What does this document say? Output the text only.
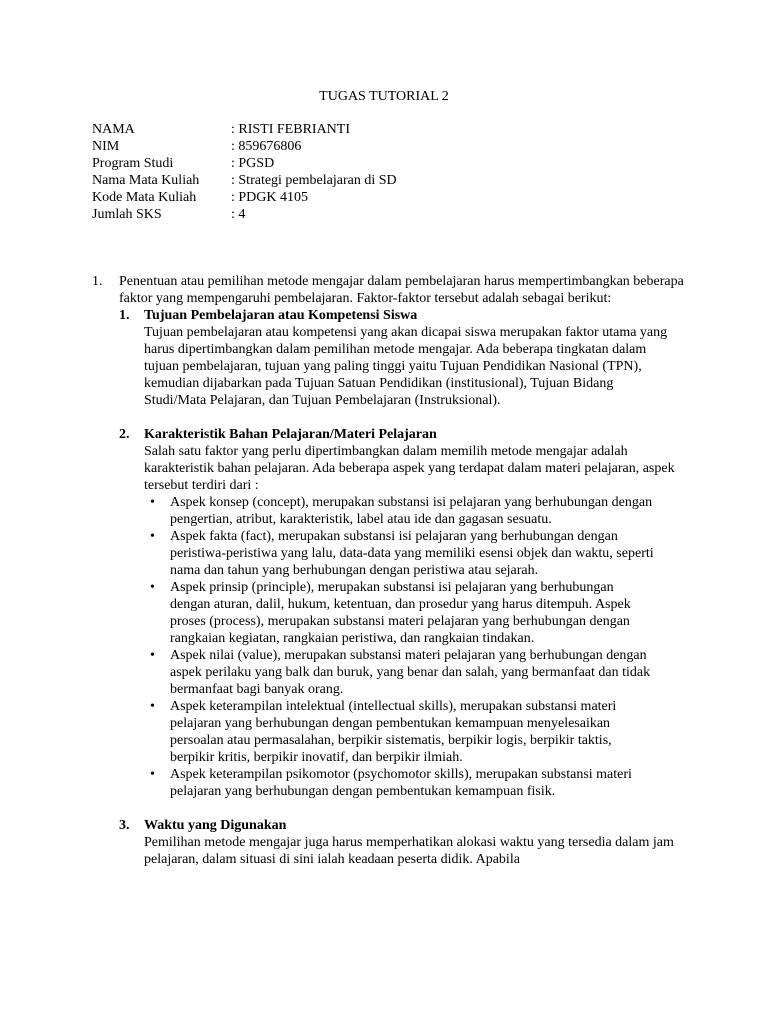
TUGAS TUTORIAL 2
NAMA	: RISTI FEBRIANTI
NIM	: 859676806
Program Studi	: PGSD
Nama Mata Kuliah	: Strategi pembelajaran di SD
Kode Mata Kuliah	: PDGK 4105
Jumlah SKS	: 4
1. Penentuan atau pemilihan metode mengajar dalam pembelajaran harus mempertimbangkan beberapa faktor yang mempengaruhi pembelajaran. Faktor-faktor tersebut adalah sebagai berikut:
1. Tujuan Pembelajaran atau Kompetensi Siswa
Tujuan pembelajaran atau kompetensi yang akan dicapai siswa merupakan faktor utama yang harus dipertimbangkan dalam pemilihan metode mengajar. Ada beberapa tingkatan dalam tujuan pembelajaran, tujuan yang paling tinggi yaitu Tujuan Pendidikan Nasional (TPN), kemudian dijabarkan pada Tujuan Satuan Pendidikan (institusional), Tujuan Bidang Studi/Mata Pelajaran, dan Tujuan Pembelajaran (Instruksional).
2. Karakteristik Bahan Pelajaran/Materi Pelajaran
Salah satu faktor yang perlu dipertimbangkan dalam memilih metode mengajar adalah karakteristik bahan pelajaran. Ada beberapa aspek yang terdapat dalam materi pelajaran, aspek tersebut terdiri dari :
• Aspek konsep (concept), merupakan substansi isi pelajaran yang berhubungan dengan pengertian, atribut, karakteristik, label atau ide dan gagasan sesuatu.
• Aspek fakta (fact), merupakan substansi isi pelajaran yang berhubungan dengan peristiwa-peristiwa yang lalu, data-data yang memiliki esensi objek dan waktu, seperti nama dan tahun yang berhubungan dengan peristiwa atau sejarah.
• Aspek prinsip (principle), merupakan substansi isi pelajaran yang berhubungan dengan aturan, dalil, hukum, ketentuan, dan prosedur yang harus ditempuh. Aspek proses (process), merupakan substansi materi pelajaran yang berhubungan dengan rangkaian kegiatan, rangkaian peristiwa, dan rangkaian tindakan.
• Aspek nilai (value), merupakan substansi materi pelajaran yang berhubungan dengan aspek perilaku yang balk dan buruk, yang benar dan salah, yang bermanfaat dan tidak bermanfaat bagi banyak orang.
• Aspek keterampilan intelektual (intellectual skills), merupakan substansi materi pelajaran yang berhubungan dengan pembentukan kemampuan menyelesaikan persoalan atau permasalahan, berpikir sistematis, berpikir logis, berpikir taktis, berpikir kritis, berpikir inovatif, dan berpikir ilmiah.
• Aspek keterampilan psikomotor (psychomotor skills), merupakan substansi materi pelajaran yang berhubungan dengan pembentukan kemampuan fisik.
3. Waktu yang Digunakan
Pemilihan metode mengajar juga harus memperhatikan alokasi waktu yang tersedia dalam jam pelajaran, dalam situasi di sini ialah keadaan peserta didik. Apabila
